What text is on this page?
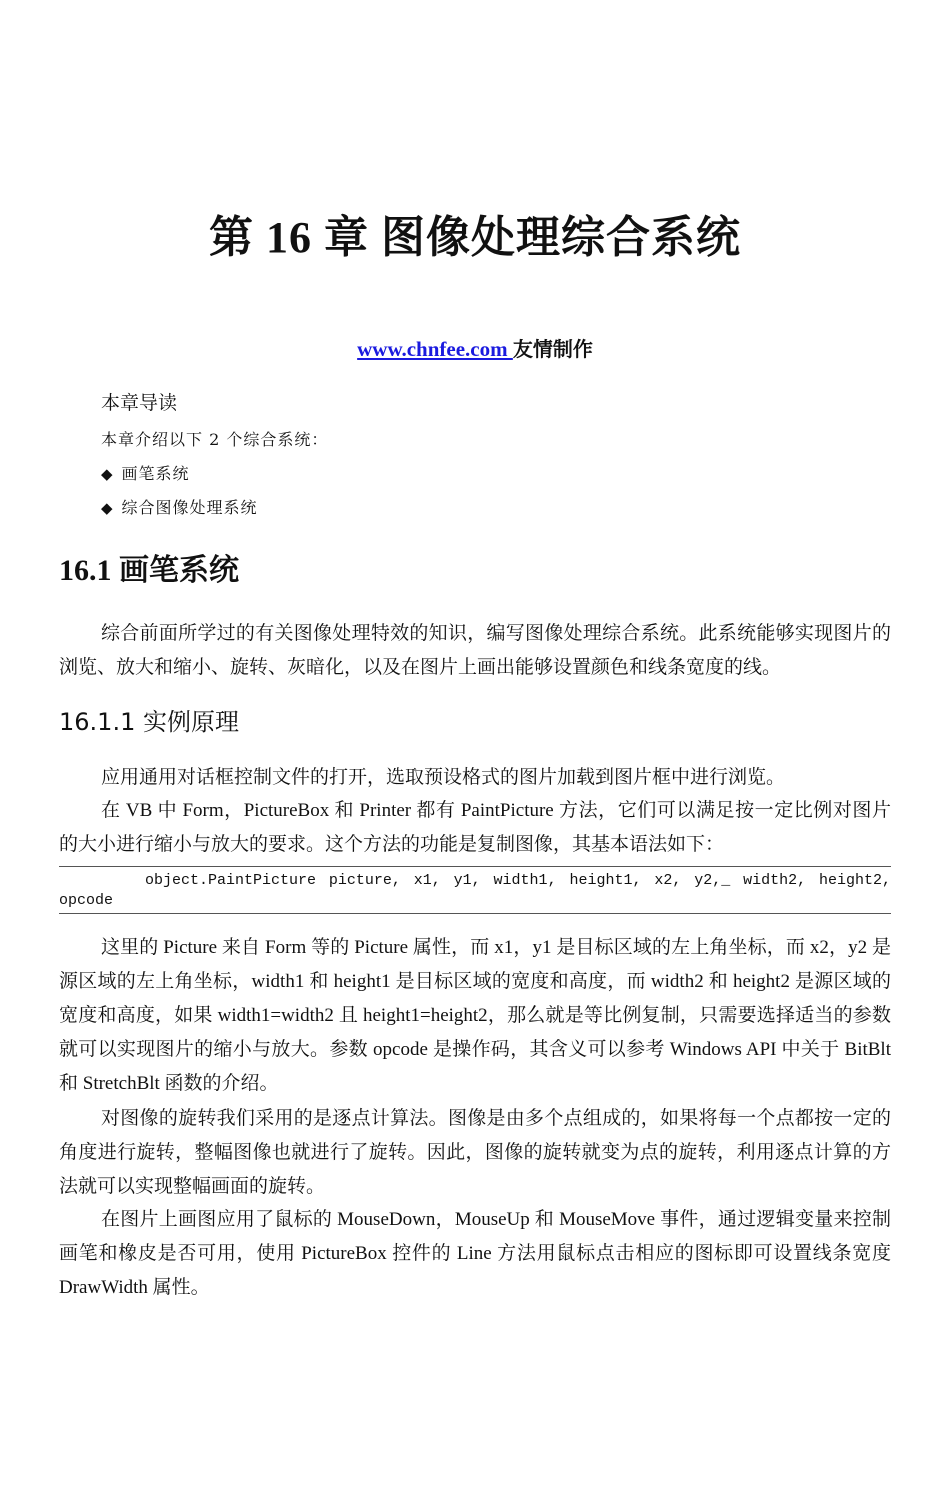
第 16 章 图像处理综合系统
www.chnfee.com 友情制作
本章导读
本章介绍以下 2 个综合系统：
◆ 画笔系统
◆ 综合图像处理系统
16.1 画笔系统
综合前面所学过的有关图像处理特效的知识，编写图像处理综合系统。此系统能够实现图片的浏览、放大和缩小、旋转、灰暗化，以及在图片上画出能够设置颜色和线条宽度的线。
16.1.1 实例原理
应用通用对话框控制文件的打开，选取预设格式的图片加载到图片框中进行浏览。
在 VB 中 Form，PictureBox 和 Printer 都有 PaintPicture 方法，它们可以满足按一定比例对图片的大小进行缩小与放大的要求。这个方法的功能是复制图像，其基本语法如下：
object.PaintPicture picture, x1, y1, width1, height1, x2, y2,_ width2, height2,
opcode
这里的 Picture 来自 Form 等的 Picture 属性，而 x1，y1 是目标区域的左上角坐标，而 x2，y2 是源区域的左上角坐标，width1 和 height1 是目标区域的宽度和高度，而 width2 和 height2 是源区域的宽度和高度，如果 width1=width2 且 height1=height2，那么就是等比例复制，只需要选择适当的参数就可以实现图片的缩小与放大。参数 opcode 是操作码，其含义可以参考 Windows API 中关于 BitBlt 和 StretchBlt 函数的介绍。
对图像的旋转我们采用的是逐点计算法。图像是由多个点组成的，如果将每一个点都按一定的角度进行旋转，整幅图像也就进行了旋转。因此，图像的旋转就变为点的旋转，利用逐点计算的方法就可以实现整幅画面的旋转。
在图片上画图应用了鼠标的 MouseDown，MouseUp 和 MouseMove 事件，通过逻辑变量来控制画笔和橡皮是否可用，使用 PictureBox 控件的 Line 方法用鼠标点击相应的图标即可设置线条宽度 DrawWidth 属性。
